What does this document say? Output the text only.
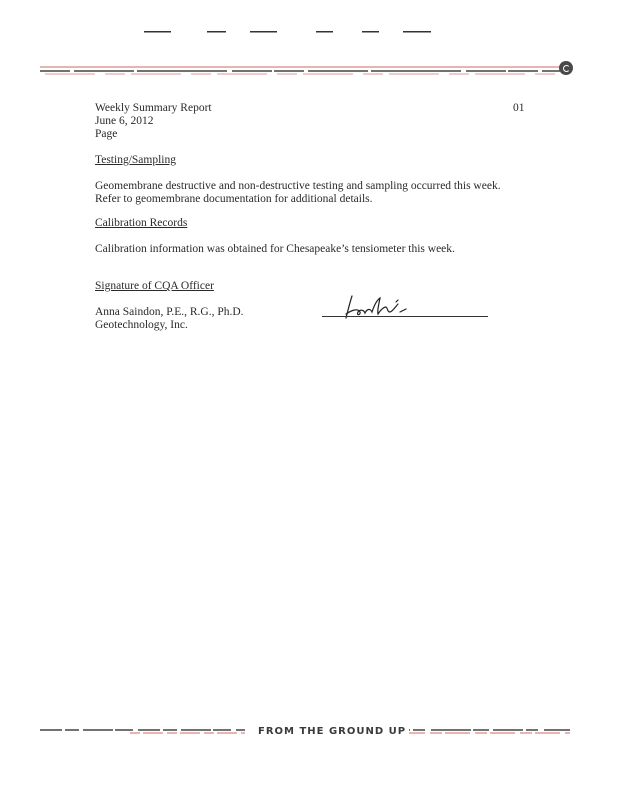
Weekly Summary Report
June 6, 2012
Page
01
Testing/Sampling
Geomembrane destructive and non-destructive testing and sampling occurred this week. Refer to geomembrane documentation for additional details.
Calibration Records
Calibration information was obtained for Chesapeake’s tensiometer this week.
Signature of CQA Officer
Anna Saindon, P.E., R.G., Ph.D.
Geotechnology, Inc.
FROM THE GROUND UP
